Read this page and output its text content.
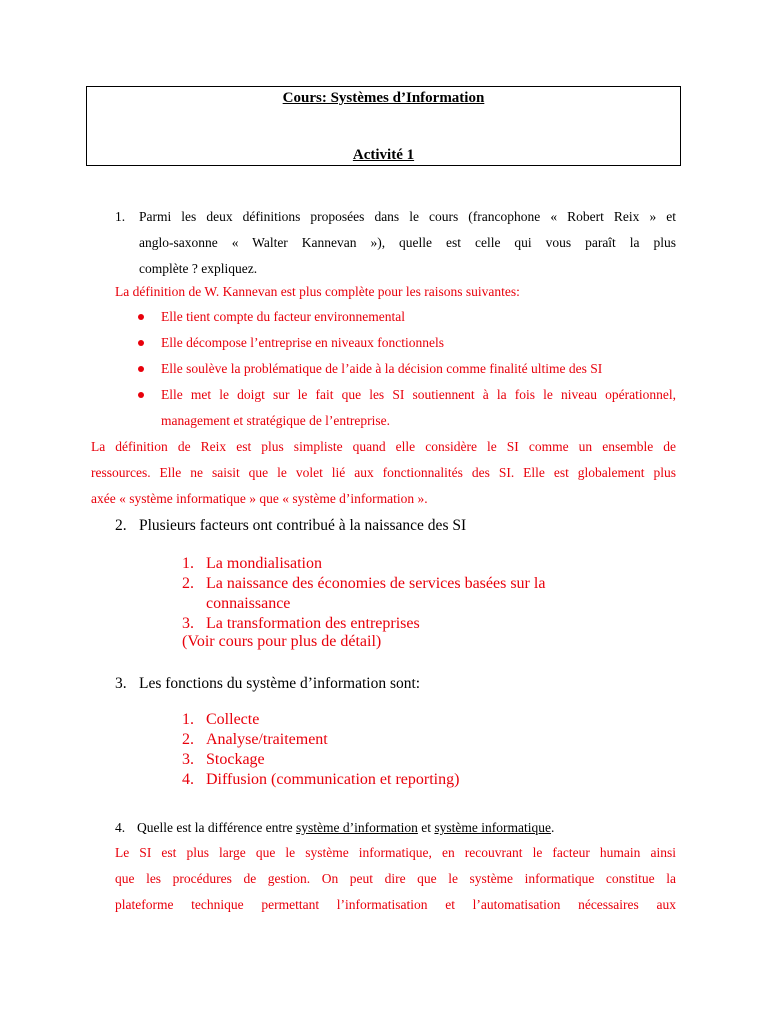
Cours: Systèmes d’Information
Activité 1
1. Parmi les deux définitions proposées dans le cours (francophone « Robert Reix » et
anglo-saxonne « Walter Kannevan »), quelle est celle qui vous paraît la plus
complète ? expliquez.
La définition de W. Kannevan est plus complète pour les raisons suivantes:
Elle tient compte du facteur environnemental
Elle décompose l’entreprise en niveaux fonctionnels
Elle soulève la problématique de l’aide à la décision comme finalité ultime des SI
Elle met le doigt sur le fait que les SI soutiennent à la fois le niveau opérationnel,
management et stratégique de l’entreprise.
La définition de Reix est plus simpliste quand elle considère le SI comme un ensemble de
ressources. Elle ne saisit que le volet lié aux fonctionnalités des SI. Elle est globalement plus
axée « système informatique » que « système d’information ».
2. Plusieurs facteurs ont contribué à la naissance des SI
1. La mondialisation
2. La naissance des économies de services basées sur la
connaissance
3. La transformation des entreprises
(Voir cours pour plus de détail)
3. Les fonctions du système d’information sont:
1. Collecte
2. Analyse/traitement
3. Stockage
4. Diffusion (communication et reporting)
4. Quelle est la différence entre système d’information et système informatique.
Le SI est plus large que le système informatique, en recouvrant le facteur humain ainsi
que les procédures de gestion. On peut dire que le système informatique constitue la
plateforme technique permettant l’informatisation et l’automatisation nécessaires aux
